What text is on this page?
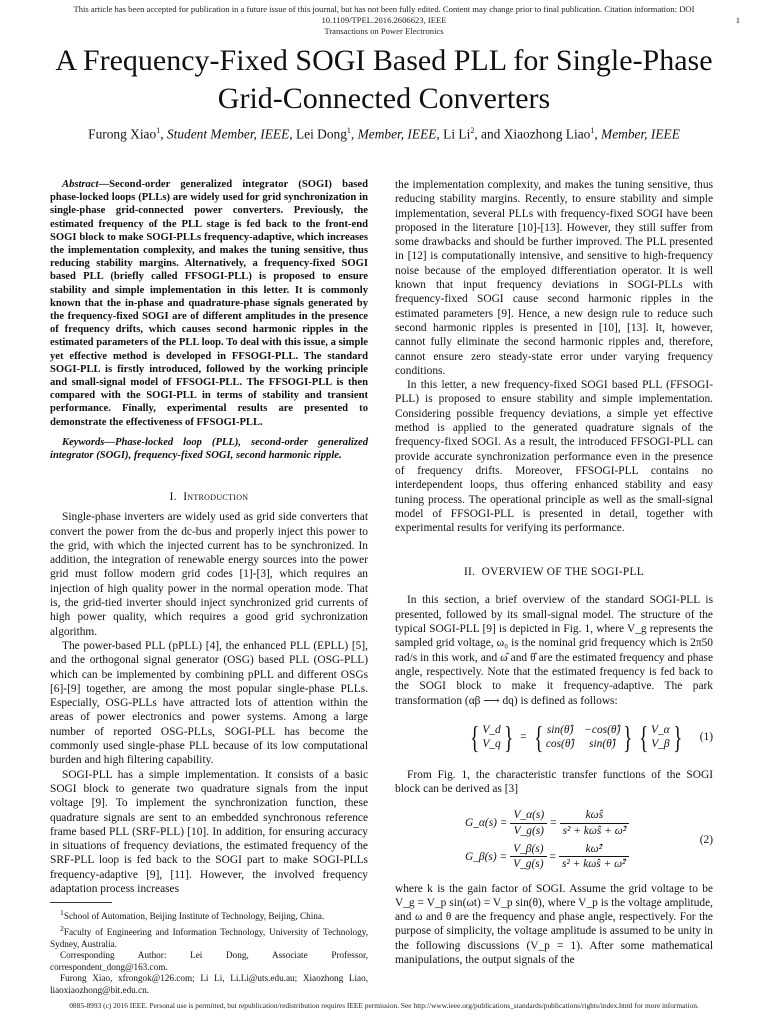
This article has been accepted for publication in a future issue of this journal, but has not been fully edited. Content may change prior to final publication. Citation information: DOI 10.1109/TPEL.2016.2606623, IEEE
Transactions on Power Electronics
1
A Frequency-Fixed SOGI Based PLL for Single-Phase Grid-Connected Converters
Furong Xiao$^1$, Student Member, IEEE, Lei Dong$^1$, Member, IEEE, Li Li$^2$, and Xiaozhong Liao$^1$, Member, IEEE

Abstract—Second-order generalized integrator (SOGI) based phase-locked loops (PLLs) are widely used for grid synchronization in single-phase grid-connected power converters. Previously, the estimated frequency of the PLL stage is fed back to the front-end SOGI block to make SOGI-PLLs frequency-adaptive, which increases the implementation complexity, and makes the tuning sensitive, thus reducing stability margins. Alternatively, a frequency-fixed SOGI based PLL (briefly called FFSOGI-PLL) is proposed to ensure stability and simple implementation in this letter. It is commonly known that the in-phase and quadrature-phase signals generated by the frequency-fixed SOGI are of different amplitudes in the presence of frequency drifts, which causes second harmonic ripples in the estimated parameters of the PLL loop. To deal with this issue, a simple yet effective method is developed in FFSOGI-PLL. The standard SOGI-PLL is firstly introduced, followed by the working principle and small-signal model of FFSOGI-PLL. The FFSOGI-PLL is then compared with the SOGI-PLL in terms of stability and transient performance. Finally, experimental results are presented to demonstrate the effectiveness of FFSOGI-PLL.

Keywords—Phase-locked loop (PLL), second-order generalized integrator (SOGI), frequency-fixed SOGI, second harmonic ripple.

I. Introduction

Single-phase inverters are widely used as grid side converters that convert the power from the dc-bus and properly inject this power to the grid, with which the injected current has to be synchronized. In addition, the integration of renewable energy sources into the power grid must follow modern grid codes [1]-[3], which requires an injection of high quality power in the normal operation mode. That is, the grid-tied inverter should inject synchronized grid currents of high power quality, which requires a good grid sychronization algorithm.

The power-based PLL (pPLL) [4], the enhanced PLL (EPLL) [5], and the orthogonal signal generator (OSG) based PLL (OSG-PLL) which can be implemented by combining pPLL and different OSGs [6]-[9] together, are among the most popular single-phase PLLs. Especially, OSG-PLLs have attracted lots of attention within the areas of power electronics and power systems. Among a large number of reported OSG-PLLs, SOGI-PLL has become the commonly used single-phase PLL because of its low computational burden and high filtering capability.

SOGI-PLL has a simple implementation. It consists of a basic SOGI block to generate two quadrature signals from the input voltage [9]. To implement the synchronization function, these quadrature signals are sent to an embedded synchronous reference frame based PLL (SRF-PLL) [10]. In addition, for ensuring accuracy in situations of frequency deviations, the estimated frequency of the SRF-PLL loop is fed back to the SOGI part to make SOGI-PLLs frequency-adaptive [9], [11]. However, the involved frequency adaptation process increases

$^1$School of Automation, Beijing Institute of Technology, Beijing, China.

$^2$Faculty of Engineering and Information Technology, University of Technology, Sydney, Australia.

Corresponding Author: Lei Dong, Associate Professor, correspondent_dong@163.com.

Furong Xiao, xfrongok@126.com; Li Li, Li.Li@uts.edu.au; Xiaozhong Liao, liaoxiaozhong@bit.edu.cn.

the implementation complexity, and makes the tuning sensitive, thus reducing stability margins. Recently, to ensure stability and simple implementation, several PLLs with frequency-fixed SOGI have been proposed in the literature [10]-[13]. However, they still suffer from some drawbacks and should be further improved. The PLL presented in [12] is computationally intensive, and sensitive to high-frequency noise because of the employed differentiation operator. It is well known that input frequency deviations in SOGI-PLLs with frequency-fixed SOGI cause second harmonic ripples in the estimated parameters [9]. Hence, a new design rule to reduce such second harmonic ripples is presented in [10], [13]. It, however, cannot fully eliminate the second harmonic ripples and, therefore, cannot ensure zero steady-state error under varying frequency conditions.

In this letter, a new frequency-fixed SOGI based PLL (FFSOGI-PLL) is proposed to ensure stability and simple implementation. Considering possible frequency deviations, a simple yet effective method is applied to the generated quadrature signals of the frequency-fixed SOGI. As a result, the introduced FFSOGI-PLL can provide accurate synchronization performance even in the presence of frequency drifts. Moreover, FFSOGI-PLL contains no interdependent loops, thus offering enhanced stability and easy tuning process. The operational principle as well as the small-signal model of FFSOGI-PLL is presented in detail, together with experimental results for verifying its performance.

II. OVERVIEW OF THE SOGI-PLL

In this section, a brief overview of the standard SOGI-PLL is presented, followed by its small-signal model. The structure of the typical SOGI-PLL [9] is depicted in Fig. 1, where V_g represents the sampled grid voltage, ω₀ is the nominal grid frequency which is 2π50 rad/s in this work, and ω̂ and θ̂ are the estimated frequency and phase angle, respectively. Note that the estimated frequency is fed back to the SOGI block to make it frequency-adaptive. The park transformation (αβ ⟶ dq) is defined as follows:

{ V_d
V_q } = { sin(θ̂) −cos(θ̂)
cos(θ̂)	sin(θ̂) } { V_α
V_β } (1)

From Fig. 1, the characteristic transfer functions of the SOGI block can be derived as [3]

G_α(s) = $\frac{V\_\alpha(s)}{V\_g(s)} = \frac{k\omegâs}{\text{s² + kω̂s + ω̂²}}$
G_β(s) = $\frac{V\_\beta(s)}{V\_g(s)} = \frac{\text{kω̂²}}{\text{s² + kω̂s + ω̂²}}$
(2)

where k is the gain factor of SOGI. Assume the grid voltage to be V_g = V_p sin(ωt) = V_p sin(θ), where V_p is the voltage amplitude, and ω and θ are the frequency and phase angle, respectively. For the purpose of simplicity, the voltage amplitude is assumed to be unity in the following discussions (V_p = 1). After some mathematical manipulations, the output signals of the

0885-8993 (c) 2016 IEEE. Personal use is permitted, but republication/redistribution requires IEEE permission. See http://www.ieee.org/publications_standards/publications/rights/index.html for more information.
